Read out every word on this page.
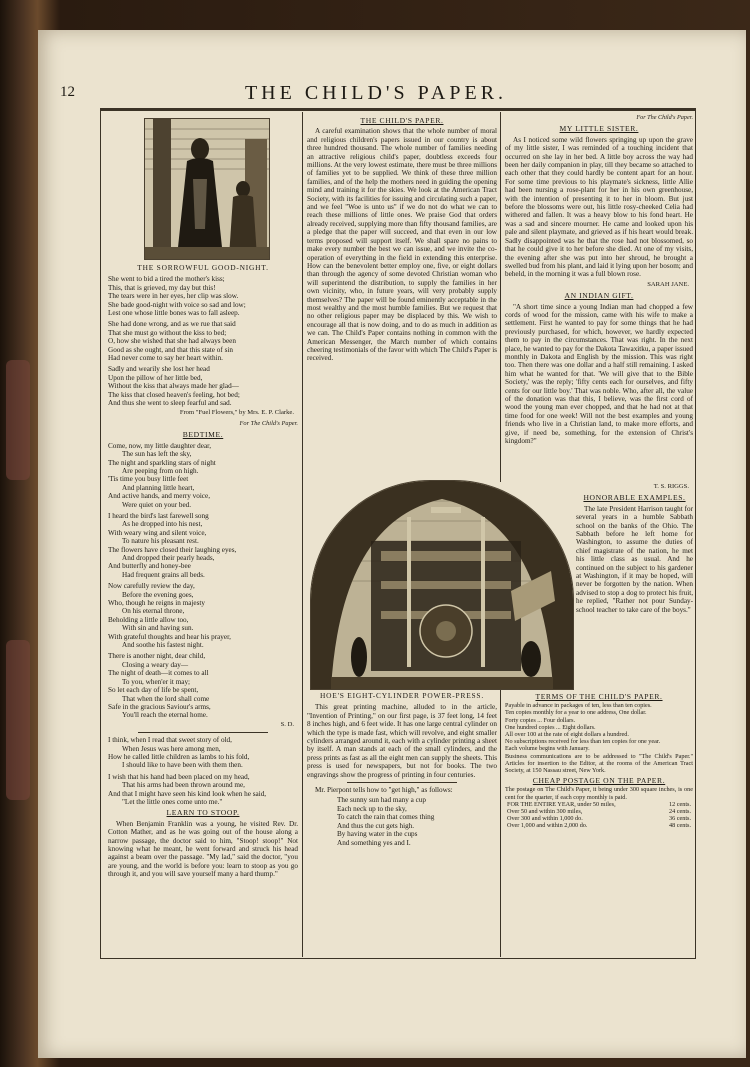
12	THE CHILD'S PAPER.
THE SORROWFUL GOOD-NIGHT.

She went to bid a tired the mother's kiss;

This, that is grieved, my day but this!

The tears were in her eyes, her clip was slow.

She bade good-night with voice so sad and low;

Lest one whose little bones was to fall asleep.

She had done wrong, and as we rue that said

That she must go without the kiss to bed;

O, how she wished that she had always been

Good as she ought, and that this state of sin

Had never come to say her heart within.

Sadly and wearily she lost her head

Upon the pillow of her little bed,

Without the kiss that always made her glad—

The kiss that closed heaven's feeling, hot bed;

And thus she went to sleep fearful and sad.

From "Fuel Flowers," by Mrs. E. P. Clarke.
For The Child's Paper.
BEDTIME.

Come, now, my little daughter dear,

The sun has left the sky,

The night and sparkling stars of night

Are peeping from on high.

'Tis time you busy little feet

And planning little heart,

And active hands, and merry voice,

Were quiet on your bed.

I heard the bird's last farewell song

As he dropped into his nest,

With weary wing and silent voice,

To nature his pleasant rest.

The flowers have closed their laughing eyes,

And dropped their pearly heads,

And butterfly and honey-bee

Had frequent grains all beds.

Now carefully review the day,

Before the evening goes,

Who, though he reigns in majesty

On his eternal throne,

Beholding a little allow too,

With sin and having sun.

With grateful thoughts and hear his prayer,

And soothe his fastest night.

There is another night, dear child,

Closing a weary day—

The night of death—it comes to all

To you, when'er it may;

So let each day of life be spent,

That when the lord shall come

Safe in the gracious Saviour's arms,

You'll reach the eternal home.

S. D.

I think, when I read that sweet story of old,

When Jesus was here among men,

How he called little children as lambs to his fold,

I should like to have been with them then.

I wish that his hand had been placed on my head,

That his arms had been thrown around me,

And that I might have seen his kind look when he said,

"Let the little ones come unto me."

LEARN TO STOOP.

When Benjamin Franklin was a young, he visited Rev. Dr. Cotton Mather, and as he was going out of the house along a narrow passage, the doctor said to him, "Stoop! stoop!" Not knowing what he meant, he went forward and struck his head against a beam over the passage. "My lad," said the doctor, "you are young, and the world is before you: learn to stoop as you go through it, and you will save yourself many a hard thump."

THE CHILD'S PAPER.

A careful examination shows that the whole number of moral and religious children's papers issued in our country is about three hundred thousand. The whole number of families needing an attractive religious child's paper, doubtless exceeds four millions. At the very lowest estimate, there must be three millions of families yet to be supplied. We think of these three million families, and of the help the mothers need in guiding the opening mind and training it for the skies. We look at the American Tract Society, with its facilities for issuing and circulating such a paper, and we feel "Woe is unto us" if we do not do what we can to reach these millions of little ones. We praise God that orders already received, supplying more than fifty thousand families, are a pledge that the paper will succeed, and that even in our low terms proposed will support itself. We shall spare no pains to make every number the best we can issue, and we invite the co-operation of everything in the field in extending this enterprise. How can the benevolent better employ one, five, or eight dollars than through the agency of some devoted Christian woman who will superintend the distribution, to supply the families in her own vicinity, who, in future years, will very probably supply themselves? The paper will be found eminently acceptable in the most wealthy and the most humble families. But we request that no other religious paper may be displaced by this. We wish to encourage all that is now doing, and to do as much in addition as we can. The Child's Paper contains nothing in common with the American Messenger, the March number of which contains cheering testimonials of the favor with which The Child's Paper is received.

For The Child's Paper.
MY LITTLE SISTER.

As I noticed some wild flowers springing up upon the grave of my little sister, I was reminded of a touching incident that occurred on she lay in her bed. A little boy across the way had been her daily companion in play, till they became so attached to each other that they could hardly be content apart for an hour. For some time previous to his playmate's sickness, little Allie had been nursing a rose-plant for her in his own greenhouse, with the intention of presenting it to her in bloom. But just before the blossoms were out, his little rosy-cheeked Celia had withered and fallen. It was a heavy blow to his fond heart. He was a sad and sincere mourner. He came and looked upon his pale and silent playmate, and grieved as if his heart would break. Sadly disappointed was he that the rose had not blossomed, so that he could give it to her before she died. At one of my visits, the evening after she was put into her shroud, he brought a swelled bud from his plant, and laid it lying upon her bosom; and beheld, in the morning it was a full blown rose.

SARAH JANE.
AN INDIAN GIFT.

"A short time since a young Indian man had chopped a few cords of wood for the mission, came with his wife to make a settlement. First he wanted to pay for some things that he had previously purchased, for which, however, we hardly expected them to pay in the circumstances. That was right. In the next place, he wanted to pay for the Dakota Tawaxitku, a paper issued monthly in Dakota and English by the mission. This was right too. Then there was one dollar and a half still remaining. I asked him what he wanted for that. 'We will give that to the Bible Society,' was the reply; 'fifty cents each for ourselves, and fifty cents for our little boy.' That was noble. Who, after all, the value of the donation was that this, I believe, was the first cord of wood the young man ever chopped, and that he had not at that time food for one week! Will not the best examples and young friends who live in a Christian land, to make more efforts, and give, if need be, something, for the extension of Christ's kingdom?"

T. S. RIGGS.
HONORABLE EXAMPLES.

The late President Harrison taught for several years in a humble Sabbath school on the banks of the Ohio. The Sabbath before he left home for Washington, to assume the duties of chief magistrate of the nation, he met his little class as usual. And he continued on the subject to his gardener at Washington, if it may be hoped, will never be forgotten by the nation. When advised to stop a dog to protect his fruit, he replied, "Rather not pour Sunday-school teacher to take care of the boys."

HOE'S EIGHT-CYLINDER POWER-PRESS.

This great printing machine, alluded to in the article, "Invention of Printing," on our first page, is 37 feet long, 14 feet 8 inches high, and 6 feet wide. It has one large central cylinder on which the type is made fast, which will revolve, and eight smaller cylinders arranged around it, each with a cylinder printing a sheet by itself. A man stands at each of the small cylinders, and the press prints as fast as all the eight men can supply the sheets. This press is used for newspapers, but not for books. The two engravings show the progress of printing in four centuries.

Mr. Pierpont tells how to "get high," as follows:

The sunny sun had many a cup

Each neck up to the sky,

To catch the rain that comes thing

And thus the cut gets high.

By having water in the cups

And something yes and I.

TERMS OF THE CHILD'S PAPER.

Payable in advance in packages of ten, less than ten copies.

Ten copies monthly for a year to one address, One dollar.

Forty copies ... Four dollars.

One hundred copies ... Eight dollars.

All over 100 at the rate of eight dollars a hundred.

No subscriptions received for less than ten copies for one year.

Each volume begins with January.

Business communications are to be addressed to "The Child's Paper." Articles for insertion to the Editor, at the rooms of the American Tract Society, at 150 Nassau street, New York.

CHEAP POSTAGE ON THE PAPER.

The postage on The Child's Paper, it being under 300 square inches, is one cent for the quarter, if each copy monthly is paid.

FOR THE ENTIRE YEAR, under 50 miles,	12 cents.
Over 50 and within 300 miles,	24 cents.
Over 300 and within 1,000 do.	36 cents.
Over 1,000 and within 2,000 do.	48 cents.
